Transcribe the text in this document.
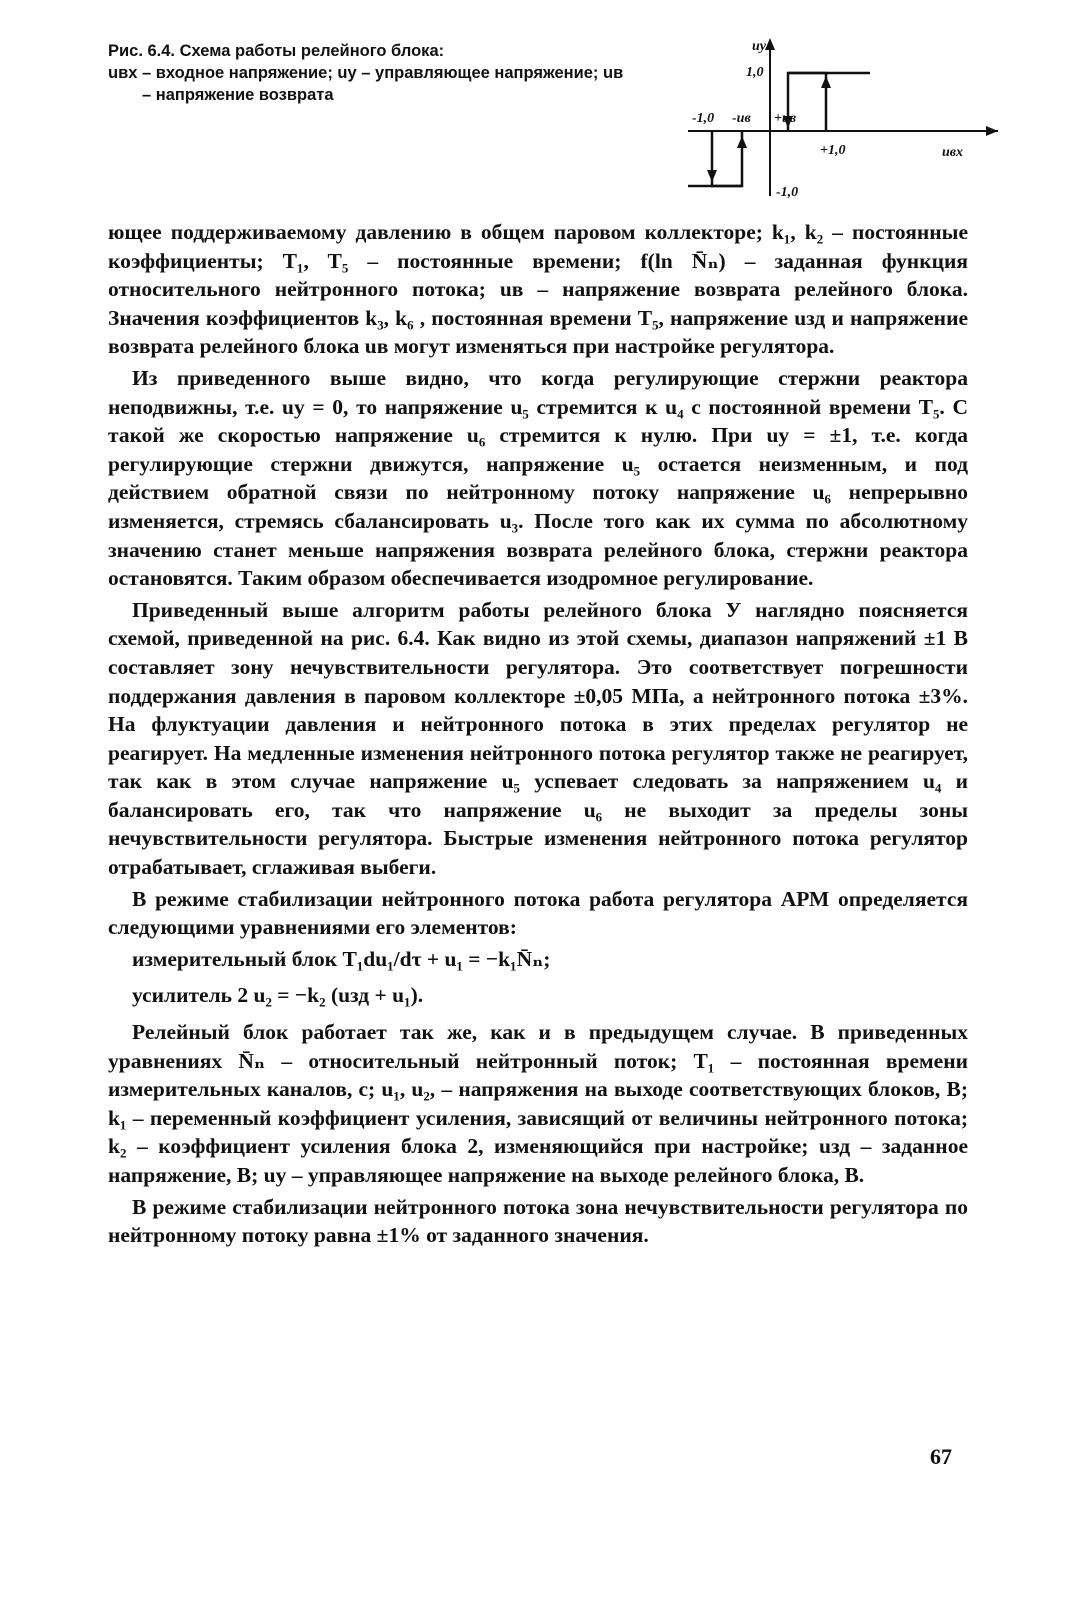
Рис. 6.4. Схема работы релейного блока:
uвх – входное напряжение; uу – управляющее напряжение; uв – напряжение возврата
uу
1,0
-1,0 -uв +uв
+1,0	uвх
-1,0

ющее поддерживаемому давлению в общем паровом коллекторе; k₁, k₂ – постоянные коэффициенты; T₁, T₅ – постоянные времени; f(ln N̄ₙ) – заданная функция относительного нейтронного потока; uв – напряжение возврата релейного блока. Значения коэффициентов k₃, k₆ , постоянная времени T₅, напряжение uзд и напряжение возврата релейного блока uв могут изменяться при настройке регулятора.

Из приведенного выше видно, что когда регулирующие стержни реактора неподвижны, т.е. uу = 0, то напряжение u₅ стремится к u₄ с постоянной времени T₅. С такой же скоростью напряжение u₆ стремится к нулю. При uу = ±1, т.е. когда регулирующие стержни движутся, напряжение u₅ остается неизменным, и под действием обратной связи по нейтронному потоку напряжение u₆ непрерывно изменяется, стремясь сбалансировать u₃. После того как их сумма по абсолютному значению станет меньше напряжения возврата релейного блока, стержни реактора остановятся. Таким образом обеспечивается изодромное регулирование.

Приведенный выше алгоритм работы релейного блока У наглядно поясняется схемой, приведенной на рис. 6.4. Как видно из этой схемы, диапазон напряжений ±1 В составляет зону нечувствительности регулятора. Это соответствует погрешности поддержания давления в паровом коллекторе ±0,05 МПа, а нейтронного потока ±3%. На флуктуации давления и нейтронного потока в этих пределах регулятор не реагирует. На медленные изменения нейтронного потока регулятор также не реагирует, так как в этом случае напряжение u₅ успевает следовать за напряжением u₄ и балансировать его, так что напряжение u₆ не выходит за пределы зоны нечувствительности регулятора. Быстрые изменения нейтронного потока регулятор отрабатывает, сглаживая выбеги.

В режиме стабилизации нейтронного потока работа регулятора АРМ определяется следующими уравнениями его элементов:

измерительный блок T₁du₁/dτ + u₁ = −k₁N̄ₙ;

усилитель 2 u₂ = −k₂ (uзд + u₁).

Релейный блок работает так же, как и в предыдущем случае. В приведенных уравнениях N̄ₙ – относительный нейтронный поток; T₁ – постоянная времени измерительных каналов, с; u₁, u₂, – напряжения на выходе соответствующих блоков, В; k₁ – переменный коэффициент усиления, зависящий от величины нейтронного потока; k₂ – коэффициент усиления блока 2, изменяющийся при настройке; uзд – заданное напряжение, В; uу – управляющее напряжение на выходе релейного блока, В.

В режиме стабилизации нейтронного потока зона нечувствительности регулятора по нейтронному потоку равна ±1% от заданного значения.

67
